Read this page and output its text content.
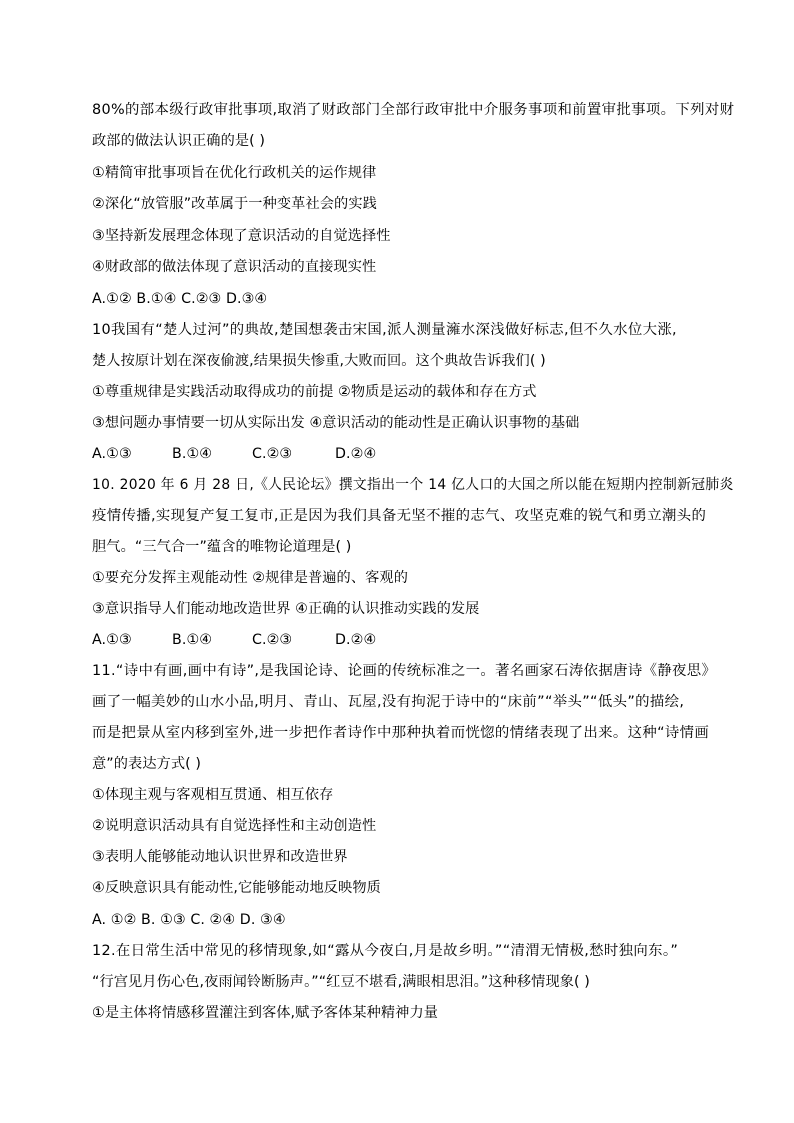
80%的部本级行政审批事项,取消了财政部门全部行政审批中介服务事项和前置审批事项。下列对财
政部的做法认识正确的是( )
①精简审批事项旨在优化行政机关的运作规律
②深化“放管服”改革属于一种变革社会的实践
③坚持新发展理念体现了意识活动的自觉选择性
④财政部的做法体现了意识活动的直接现实性
A.①② B.①④ C.②③ D.③④
10我国有“楚人过河”的典故,楚国想袭击宋国,派人测量澭水深浅做好标志,但不久水位大涨,
楚人按原计划在深夜偷渡,结果损失惨重,大败而回。这个典故告诉我们( )
①尊重规律是实践活动取得成功的前提 ②物质是运动的载体和存在方式
③想问题办事情要一切从实际出发 ④意识活动的能动性是正确认识事物的基础
A.①③	B.①④	C.②③	D.②④
10. 2020 年 6 月 28 日,《人民论坛》撰文指出一个 14 亿人口的大国之所以能在短期内控制新冠肺炎
疫情传播,实现复产复工复市,正是因为我们具备无坚不摧的志气、攻坚克难的锐气和勇立潮头的
胆气。“三气合一”蕴含的唯物论道理是( )
①要充分发挥主观能动性 ②规律是普遍的、客观的
③意识指导人们能动地改造世界 ④正确的认识推动实践的发展
A.①③	B.①④	C.②③	D.②④
11.“诗中有画,画中有诗”,是我国论诗、论画的传统标准之一。著名画家石涛依据唐诗《静夜思》
画了一幅美妙的山水小品,明月、青山、瓦屋,没有拘泥于诗中的“床前”“举头”“低头”的描绘,
而是把景从室内移到室外,进一步把作者诗作中那种执着而恍惚的情绪表现了出来。这种“诗情画
意”的表达方式( )
①体现主观与客观相互贯通、相互依存
②说明意识活动具有自觉选择性和主动创造性
③表明人能够能动地认识世界和改造世界
④反映意识具有能动性,它能够能动地反映物质
A. ①② B. ①③ C. ②④ D. ③④
12.在日常生活中常见的移情现象,如“露从今夜白,月是故乡明。”“清渭无情极,愁时独向东。”
“行宫见月伤心色,夜雨闻铃断肠声。”“红豆不堪看,满眼相思泪。”这种移情现象( )
①是主体将情感移置灌注到客体,赋予客体某种精神力量
